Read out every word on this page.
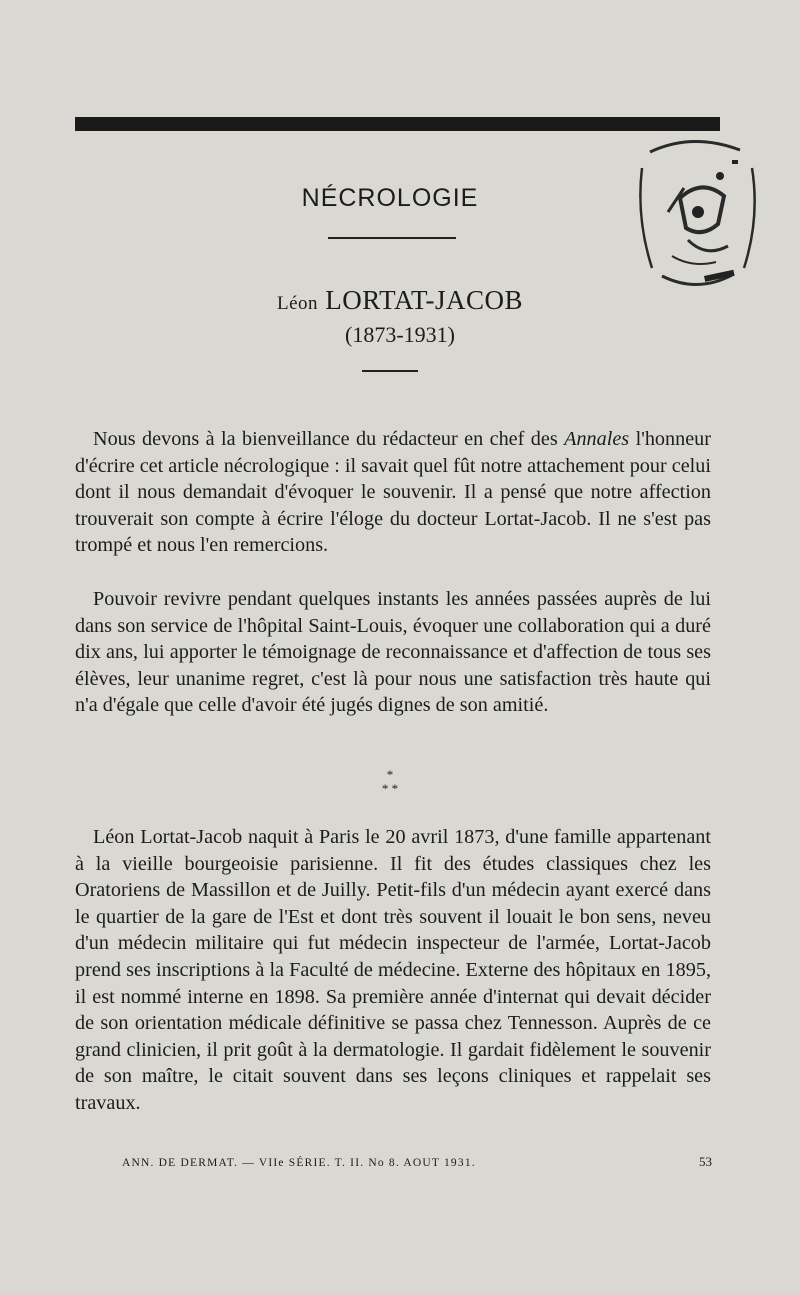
NÉCROLOGIE
Léon LORTAT-JACOB
(1873-1931)

Nous devons à la bienveillance du rédacteur en chef des Annales l'honneur d'écrire cet article nécrologique : il savait quel fût notre attachement pour celui dont il nous demandait d'évoquer le souvenir. Il a pensé que notre affection trouverait son compte à écrire l'éloge du docteur Lortat-Jacob. Il ne s'est pas trompé et nous l'en remercions.

Pouvoir revivre pendant quelques instants les années passées auprès de lui dans son service de l'hôpital Saint-Louis, évoquer une collaboration qui a duré dix ans, lui apporter le témoignage de reconnaissance et d'affection de tous ses élèves, leur unanime regret, c'est là pour nous une satisfaction très haute qui n'a d'égale que celle d'avoir été jugés dignes de son amitié.

*
* *

Léon Lortat-Jacob naquit à Paris le 20 avril 1873, d'une famille appartenant à la vieille bourgeoisie parisienne. Il fit des études classiques chez les Oratoriens de Massillon et de Juilly. Petit-fils d'un médecin ayant exercé dans le quartier de la gare de l'Est et dont très souvent il louait le bon sens, neveu d'un médecin militaire qui fut médecin inspecteur de l'armée, Lortat-Jacob prend ses inscriptions à la Faculté de médecine. Externe des hôpitaux en 1895, il est nommé interne en 1898. Sa première année d'internat qui devait décider de son orientation médicale définitive se passa chez Tennesson. Auprès de ce grand clinicien, il prit goût à la dermatologie. Il gardait fidèlement le souvenir de son maître, le citait souvent dans ses leçons cliniques et rappelait ses travaux.

ANN. DE DERMAT. — VIIe SÉRIE. T. II. No 8. AOUT 1931.	53
